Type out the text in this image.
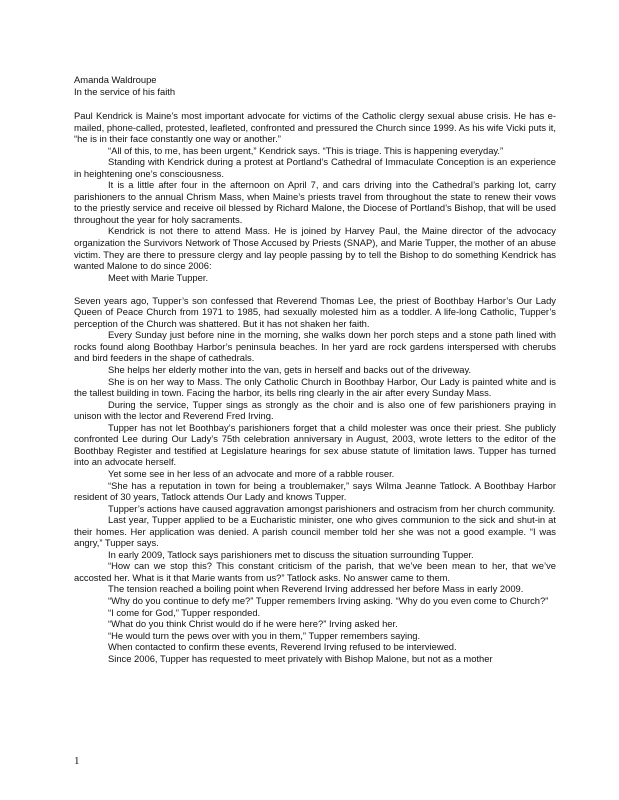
Amanda Waldroupe
In the service of his faith

Paul Kendrick is Maine’s most important advocate for victims of the Catholic clergy sexual abuse crisis. He has e-mailed, phone-called, protested, leafleted, confronted and pressured the Church since 1999. As his wife Vicki puts it, “he is in their face constantly one way or another.”

“All of this, to me, has been urgent,” Kendrick says. “This is triage. This is happening everyday.”

Standing with Kendrick during a protest at Portland’s Cathedral of Immaculate Conception is an experience in heightening one’s consciousness.

It is a little after four in the afternoon on April 7, and cars driving into the Cathedral’s parking lot, carry parishioners to the annual Chrism Mass, when Maine’s priests travel from throughout the state to renew their vows to the priestly service and receive oil blessed by Richard Malone, the Diocese of Portland’s Bishop, that will be used throughout the year for holy sacraments.

Kendrick is not there to attend Mass. He is joined by Harvey Paul, the Maine director of the advocacy organization the Survivors Network of Those Accused by Priests (SNAP), and Marie Tupper, the mother of an abuse victim. They are there to pressure clergy and lay people passing by to tell the Bishop to do something Kendrick has wanted Malone to do since 2006:

Meet with Marie Tupper.

Seven years ago, Tupper’s son confessed that Reverend Thomas Lee, the priest of Boothbay Harbor’s Our Lady Queen of Peace Church from 1971 to 1985, had sexually molested him as a toddler. A life-long Catholic, Tupper’s perception of the Church was shattered. But it has not shaken her faith.

Every Sunday just before nine in the morning, she walks down her porch steps and a stone path lined with rocks found along Boothbay Harbor’s peninsula beaches. In her yard are rock gardens interspersed with cherubs and bird feeders in the shape of cathedrals.

She helps her elderly mother into the van, gets in herself and backs out of the driveway.

She is on her way to Mass. The only Catholic Church in Boothbay Harbor, Our Lady is painted white and is the tallest building in town. Facing the harbor, its bells ring clearly in the air after every Sunday Mass.

During the service, Tupper sings as strongly as the choir and is also one of few parishioners praying in unison with the lector and Reverend Fred Irving.

Tupper has not let Boothbay’s parishioners forget that a child molester was once their priest. She publicly confronted Lee during Our Lady’s 75th celebration anniversary in August, 2003, wrote letters to the editor of the Boothbay Register and testified at Legislature hearings for sex abuse statute of limitation laws. Tupper has turned into an advocate herself.

Yet some see in her less of an advocate and more of a rabble rouser.

“She has a reputation in town for being a troublemaker,” says Wilma Jeanne Tatlock. A Boothbay Harbor resident of 30 years, Tatlock attends Our Lady and knows Tupper.

Tupper’s actions have caused aggravation amongst parishioners and ostracism from her church community.

Last year, Tupper applied to be a Eucharistic minister, one who gives communion to the sick and shut-in at their homes. Her application was denied. A parish council member told her she was not a good example. “I was angry,” Tupper says.

In early 2009, Tatlock says parishioners met to discuss the situation surrounding Tupper.

“How can we stop this? This constant criticism of the parish, that we’ve been mean to her, that we’ve accosted her. What is it that Marie wants from us?” Tatlock asks. No answer came to them.

The tension reached a boiling point when Reverend Irving addressed her before Mass in early 2009.

“Why do you continue to defy me?” Tupper remembers Irving asking. “Why do you even come to Church?”

“I come for God,” Tupper responded.

“What do you think Christ would do if he were here?” Irving asked her.

“He would turn the pews over with you in them,” Tupper remembers saying.

When contacted to confirm these events, Reverend Irving refused to be interviewed.

Since 2006, Tupper has requested to meet privately with Bishop Malone, but not as a mother

1
